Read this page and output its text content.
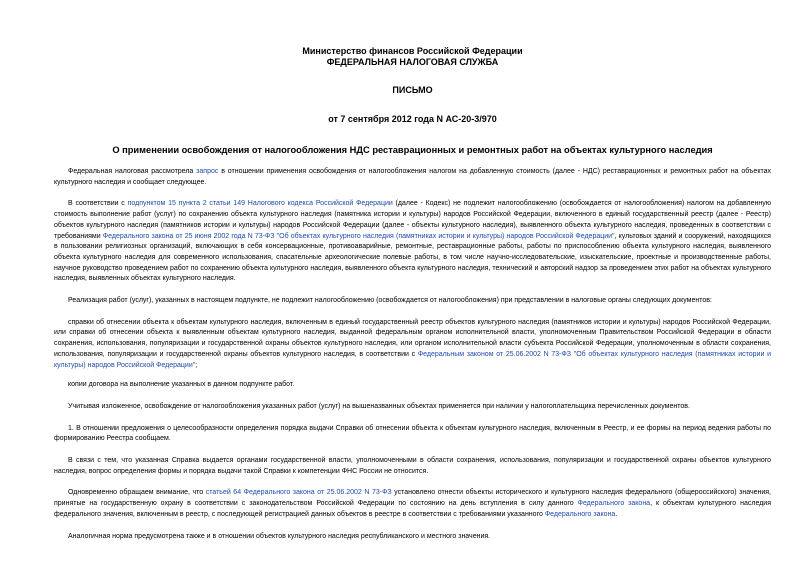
Министерство финансов Российской Федерации
ФЕДЕРАЛЬНАЯ НАЛОГОВАЯ СЛУЖБА
ПИСЬМО
от 7 сентября 2012 года N АС-20-3/970
О применении освобождения от налогообложения НДС реставрационных и ремонтных работ на объектах культурного наследия

Федеральная налоговая рассмотрела запрос в отношении применения освобождения от налогообложения налогом на добавленную стоимость (далее - НДС) реставрационных и ремонтных работ на объектах культурного наследия и сообщает следующее.

В соответствии с подпунктом 15 пункта 2 статьи 149 Налогового кодекса Российской Федерации (далее - Кодекс) не подлежит налогообложению (освобождается от налогообложения) налогом на добавленную стоимость выполнение работ (услуг) по сохранению объекта культурного наследия (памятника истории и культуры) народов Российской Федерации, включенного в единый государственный реестр (далее - Реестр) объектов культурного наследия (памятников истории и культуры) народов Российской Федерации (далее - объекты культурного наследия), выявленного объекта культурного наследия, проведенных в соответствии с требованиями Федерального закона от 25 июня 2002 года N 73-ФЗ "Об объектах культурного наследия (памятниках истории и культуры) народов Российской Федерации", культовых зданий и сооружений, находящихся в пользовании религиозных организаций, включающих в себя консервационные, противоаварийные, ремонтные, реставрационные работы, работы по приспособлению объекта культурного наследия, выявленного объекта культурного наследия для современного использования, спасательные археологические полевые работы, в том числе научно-исследовательские, изыскательские, проектные и производственные работы, научное руководство проведением работ по сохранению объекта культурного наследия, выявленного объекта культурного наследия, технический и авторский надзор за проведением этих работ на объектах культурного наследия, выявленных объектах культурного наследия.

Реализация работ (услуг), указанных в настоящем подпункте, не подлежит налогообложению (освобождается от налогообложения) при представлении в налоговые органы следующих документов:

справки об отнесении объекта к объектам культурного наследия, включенным в единый государственный реестр объектов культурного наследия (памятников истории и культуры) народов Российской Федерации, или справки об отнесении объекта к выявленным объектам культурного наследия, выданной федеральным органом исполнительной власти, уполномоченным Правительством Российской Федерации в области сохранения, использования, популяризации и государственной охраны объектов культурного наследия, или органом исполнительной власти субъекта Российской Федерации, уполномоченным в области сохранения, использования, популяризации и государственной охраны объектов культурного наследия, в соответствии с Федеральным законом от 25.06.2002 N 73-ФЗ "Об объектах культурного наследия (памятниках истории и культуры) народов Российской Федерации";

копии договора на выполнение указанных в данном подпункте работ.

Учитывая изложенное, освобождение от налогообложения указанных работ (услуг) на вышеназванных объектах применяется при наличии у налогоплательщика перечисленных документов.

1. В отношении предложения о целесообразности определения порядка выдачи Справки об отнесении объекта к объектам культурного наследия, включенным в Реестр, и ее формы на период ведения работы по формированию Реестра сообщаем.

В связи с тем, что указанная Справка выдается органами государственной власти, уполномоченными в области сохранения, использования, популяризации и государственной охраны объектов культурного наследия, вопрос определения формы и порядка выдачи такой Справки к компетенции ФНС России не относится.

Одновременно обращаем внимание, что статьей 64 Федерального закона от 25.06.2002 N 73-ФЗ установлено отнести объекты исторического и культурного наследия федерального (общероссийского) значения, принятые на государственную охрану в соответствии с законодательством Российской Федерации по состоянию на день вступления в силу данного Федерального закона, к объектам культурного наследия федерального значения, включенным в реестр, с последующей регистрацией данных объектов в реестре в соответствии с требованиями указанного Федерального закона.

Аналогичная норма предусмотрена также и в отношении объектов культурного наследия республиканского и местного значения.
